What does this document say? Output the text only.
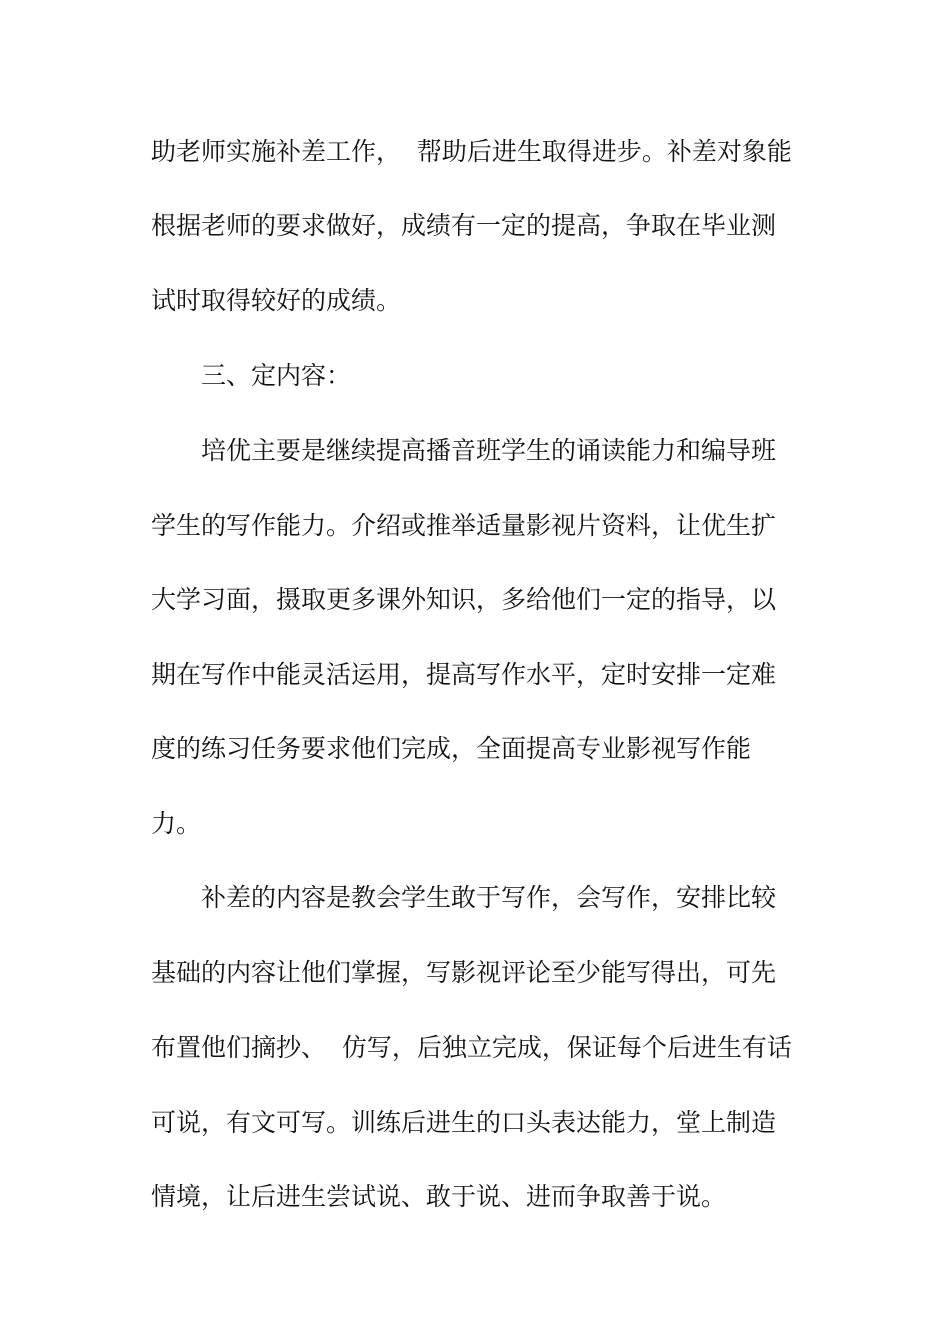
助老师实施补差工作，  帮助后进生取得进步。补差对象能
根据老师的要求做好，成绩有一定的提高，争取在毕业测
试时取得较好的成绩。
三、定内容：
培优主要是继续提高播音班学生的诵读能力和编导班
学生的写作能力。介绍或推举适量影视片资料，让优生扩
大学习面，摄取更多课外知识，多给他们一定的指导，以
期在写作中能灵活运用，提高写作水平，定时安排一定难
度的练习任务要求他们完成，全面提高专业影视写作能
力。
补差的内容是教会学生敢于写作，会写作，安排比较
基础的内容让他们掌握，写影视评论至少能写得出，可先
布置他们摘抄、  仿写，后独立完成，保证每个后进生有话
可说，有文可写。训练后进生的口头表达能力，堂上制造
情境，让后进生尝试说、敢于说、进而争取善于说。
